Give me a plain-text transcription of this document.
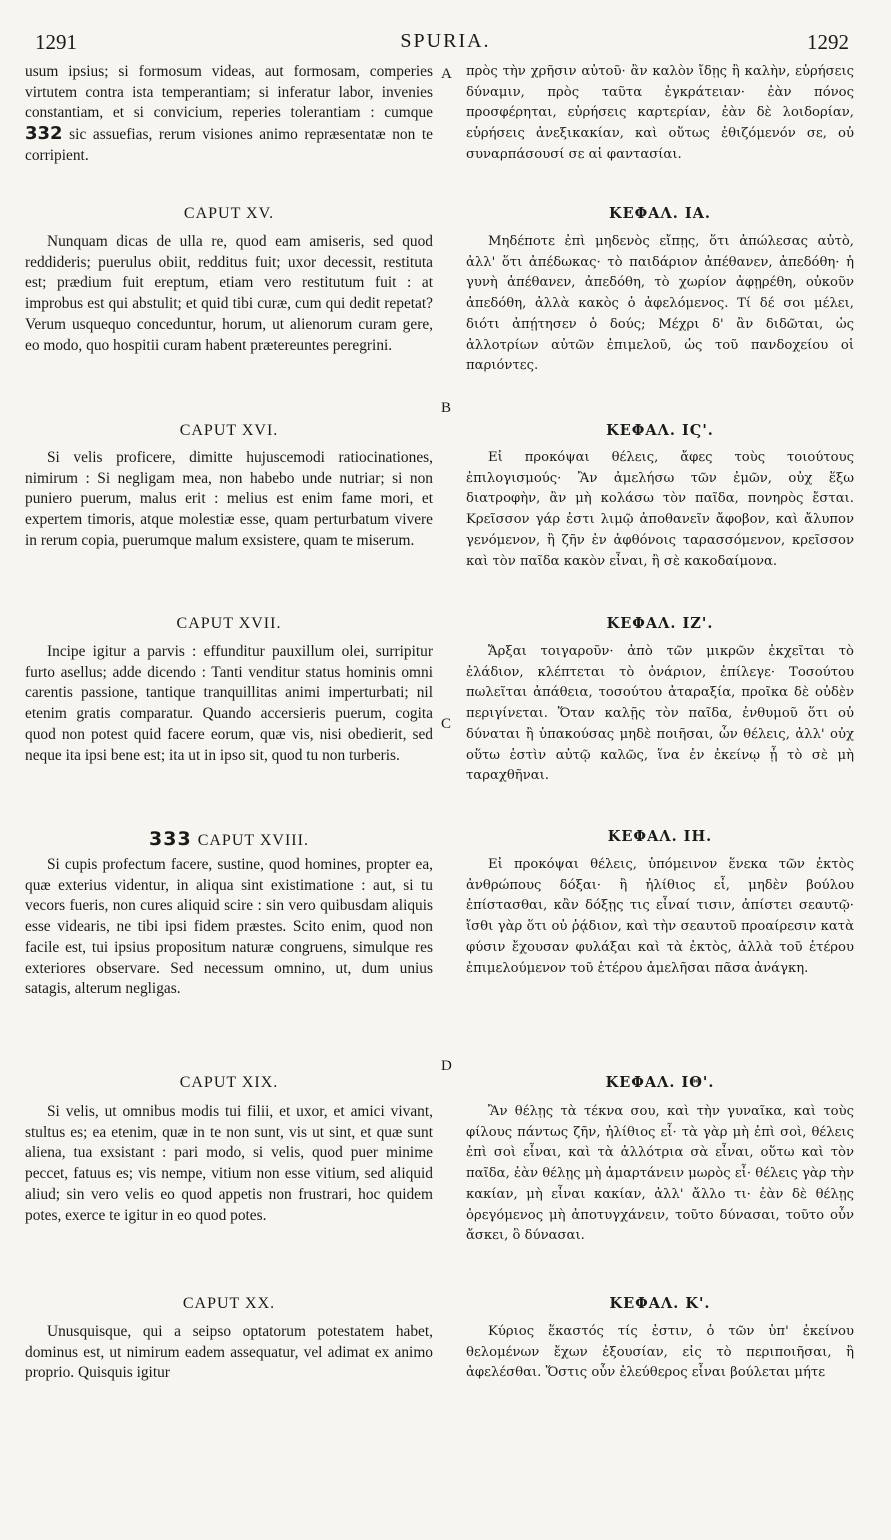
1291	SPURIA.	1292
A
B
C
D

usum ipsius; si formosum videas, aut formosam, comperies virtutem contra ista temperantiam; si inferatur labor, invenies constantiam, et si convicium, reperies tolerantiam : cumque 332 sic assuefias, rerum visiones animo repræsentatæ non te corripient.

CAPUT XV.

Nunquam dicas de ulla re, quod eam amiseris, sed quod reddideris; puerulus obiit, redditus fuit; uxor decessit, restituta est; prædium fuit ereptum, etiam vero restitutum fuit : at improbus est qui abstulit; et quid tibi curæ, cum qui dedit repetat? Verum usquequo conceduntur, horum, ut alienorum curam gere, eo modo, quo hospitii curam habent prætereuntes peregrini.

CAPUT XVI.

Si velis proficere, dimitte hujuscemodi ratiocinationes, nimirum : Si negligam mea, non habebo unde nutriar; si non puniero puerum, malus erit : melius est enim fame mori, et expertem timoris, atque molestiæ esse, quam perturbatum vivere in rerum copia, puerumque malum exsistere, quam te miserum.

CAPUT XVII.

Incipe igitur a parvis : effunditur pauxillum olei, surripitur furto asellus; adde dicendo : Tanti venditur status hominis omni carentis passione, tantique tranquillitas animi imperturbati; nil etenim gratis comparatur. Quando accersieris puerum, cogita quod non potest quid facere eorum, quæ vis, nisi obedierit, sed neque ita ipsi bene est; ita ut in ipso sit, quod tu non turberis.

333 CAPUT XVIII.

Si cupis profectum facere, sustine, quod homines, propter ea, quæ exterius videntur, in aliqua sint existimatione : aut, si tu vecors fueris, non cures aliquid scire : sin vero quibusdam aliquis esse videaris, ne tibi ipsi fidem præstes. Scito enim, quod non facile est, tui ipsius propositum naturæ congruens, simulque res exteriores observare. Sed necessum omnino, ut, dum unius satagis, alterum negligas.

CAPUT XIX.

Si velis, ut omnibus modis tui filii, et uxor, et amici vivant, stultus es; ea etenim, quæ in te non sunt, vis ut sint, et quæ sunt aliena, tua exsistant : pari modo, si velis, quod puer minime peccet, fatuus es; vis nempe, vitium non esse vitium, sed aliquid aliud; sin vero velis eo quod appetis non frustrari, hoc quidem potes, exerce te igitur in eo quod potes.

CAPUT XX.

Unusquisque, qui a seipso optatorum potestatem habet, dominus est, ut nimirum eadem assequatur, vel adimat ex animo proprio. Quisquis igitur

πρὸς τὴν χρῆσιν αὐτοῦ· ἂν καλὸν ἴδῃς ἢ καλὴν, εὑρήσεις δύναμιν, πρὸς ταῦτα ἐγκράτειαν· ἐὰν πόνος προσφέρηται, εὑρήσεις καρτερίαν, ἐὰν δὲ λοιδορίαν, εὑρήσεις ἀνεξικακίαν, καὶ οὕτως ἐθιζόμενόν σε, οὐ συναρπάσουσί σε αἱ φαντασίαι.

ΚΕΦΑΛ. ΙΑ.

Μηδέποτε ἐπὶ μηδενὸς εἴπῃς, ὅτι ἀπώλεσας αὐτὸ, ἀλλ' ὅτι ἀπέδωκας· τὸ παιδάριον ἀπέθανεν, ἀπεδόθη· ἡ γυνὴ ἀπέθανεν, ἀπεδόθη, τὸ χωρίον ἀφῃρέθη, οὐκοῦν ἀπεδόθη, ἀλλὰ κακὸς ὁ ἀφελόμενος. Τί δέ σοι μέλει, διότι ἀπῄτησεν ὁ δούς; Μέχρι δ' ἂν διδῶται, ὡς ἀλλοτρίων αὐτῶν ἐπιμελοῦ, ὡς τοῦ πανδοχείου οἱ παριόντες.

ΚΕΦΑΛ. ΙϚ'.

Εἰ προκόψαι θέλεις, ἄφες τοὺς τοιούτους ἐπιλογισμούς· Ἂν ἀμελήσω τῶν ἐμῶν, οὐχ ἕξω διατροφὴν, ἂν μὴ κολάσω τὸν παῖδα, πονηρὸς ἔσται. Κρεῖσσον γάρ ἐστι λιμῷ ἀποθανεῖν ἄφοβον, καὶ ἄλυπον γενόμενον, ἢ ζῆν ἐν ἀφθόνοις ταρασσόμενον, κρεῖσσον καὶ τὸν παῖδα κακὸν εἶναι, ἢ σὲ κακοδαίμονα.

ΚΕΦΑΛ. ΙΖ'.

Ἄρξαι τοιγαροῦν· ἀπὸ τῶν μικρῶν ἐκχεῖται τὸ ἐλάδιον, κλέπτεται τὸ ὀνάριον, ἐπίλεγε· Τοσούτου πωλεῖται ἀπάθεια, τοσούτου ἀταραξία, προῖκα δὲ οὐδὲν περιγίνεται. Ὅταν καλῇς τὸν παῖδα, ἐνθυμοῦ ὅτι οὐ δύναται ἢ ὑπακούσας μηδὲ ποιῆσαι, ὧν θέλεις, ἀλλ' οὐχ οὕτω ἐστὶν αὐτῷ καλῶς, ἵνα ἐν ἐκείνῳ ᾖ τὸ σὲ μὴ ταραχθῆναι.

ΚΕΦΑΛ. ΙΗ.

Εἰ προκόψαι θέλεις, ὑπόμεινον ἕνεκα τῶν ἐκτὸς ἀνθρώπους δόξαι· ἢ ἠλίθιος εἶ, μηδὲν βούλου ἐπίστασθαι, κἂν δόξῃς τις εἶναί τισιν, ἀπίστει σεαυτῷ· ἴσθι γὰρ ὅτι οὐ ῥᾴδιον, καὶ τὴν σεαυτοῦ προαίρεσιν κατὰ φύσιν ἔχουσαν φυλάξαι καὶ τὰ ἐκτὸς, ἀλλὰ τοῦ ἑτέρου ἐπιμελούμενον τοῦ ἑτέρου ἀμελῆσαι πᾶσα ἀνάγκη.

ΚΕΦΑΛ. ΙΘ'.

Ἂν θέλῃς τὰ τέκνα σου, καὶ τὴν γυναῖκα, καὶ τοὺς φίλους πάντως ζῆν, ἠλίθιος εἶ· τὰ γὰρ μὴ ἐπὶ σοὶ, θέλεις ἐπὶ σοὶ εἶναι, καὶ τὰ ἀλλότρια σὰ εἶναι, οὕτω καὶ τὸν παῖδα, ἐὰν θέλῃς μὴ ἁμαρτάνειν μωρὸς εἶ· θέλεις γὰρ τὴν κακίαν, μὴ εἶναι κακίαν, ἀλλ' ἄλλο τι· ἐὰν δὲ θέλῃς ὀρεγόμενος μὴ ἀποτυγχάνειν, τοῦτο δύνασαι, τοῦτο οὖν ἄσκει, ὃ δύνασαι.

ΚΕΦΑΛ. Κ'.

Κύριος ἕκαστός τίς ἐστιν, ὁ τῶν ὑπ' ἐκείνου θελομένων ἔχων ἐξουσίαν, εἰς τὸ περιποιῆσαι, ἢ ἀφελέσθαι. Ὅστις οὖν ἐλεύθερος εἶναι βούλεται μήτε
